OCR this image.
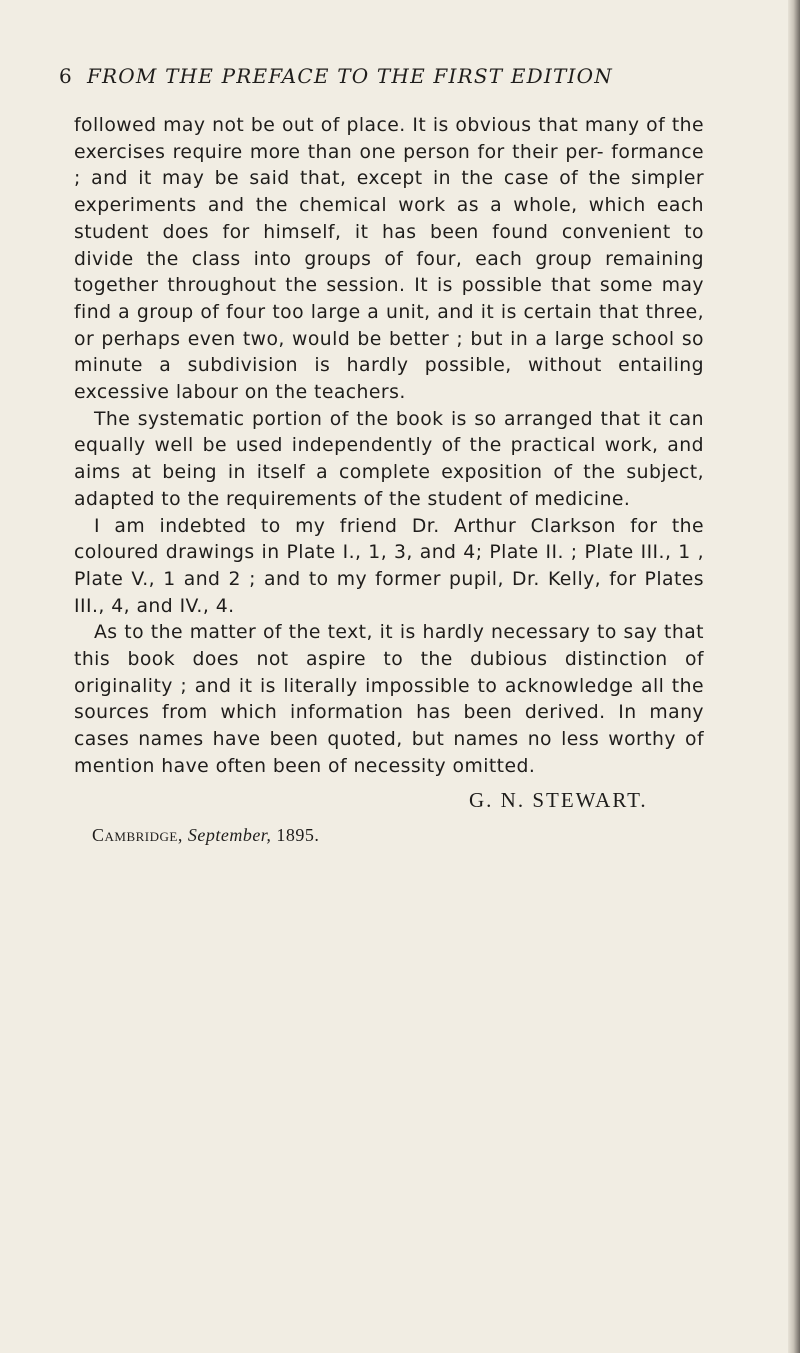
6 FROM THE PREFACE TO THE FIRST EDITION

followed may not be out of place. It is obvious that many of the exercises require more than one person for their per- formance ; and it may be said that, except in the case of the simpler experiments and the chemical work as a whole, which each student does for himself, it has been found convenient to divide the class into groups of four, each group remaining together throughout the session. It is possible that some may find a group of four too large a unit, and it is certain that three, or perhaps even two, would be better ; but in a large school so minute a subdivision is hardly possible, without entailing excessive labour on the teachers.

The systematic portion of the book is so arranged that it can equally well be used independently of the practical work, and aims at being in itself a complete exposition of the subject, adapted to the requirements of the student of medicine.

I am indebted to my friend Dr. Arthur Clarkson for the coloured drawings in Plate I., 1, 3, and 4; Plate II. ; Plate III., 1 , Plate V., 1 and 2 ; and to my former pupil, Dr. Kelly, for Plates III., 4, and IV., 4.

As to the matter of the text, it is hardly necessary to say that this book does not aspire to the dubious distinction of originality ; and it is literally impossible to acknowledge all the sources from which information has been derived. In many cases names have been quoted, but names no less worthy of mention have often been of necessity omitted.

G. N. STEWART.
Cambridge, September, 1895.
